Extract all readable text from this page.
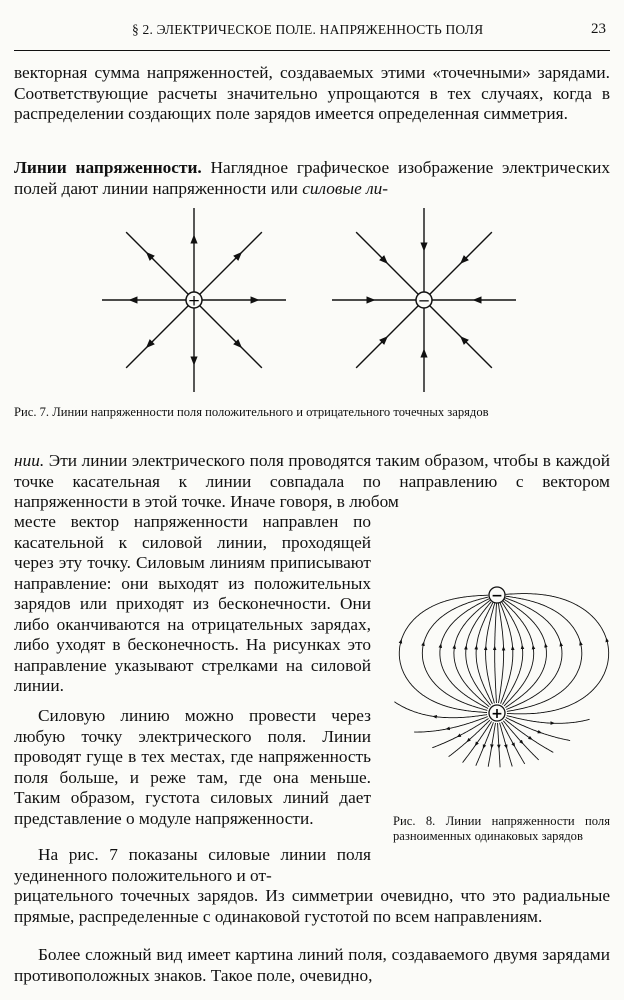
§ 2. ЭЛЕКТРИЧЕСКОЕ ПОЛЕ. НАПРЯЖЕННОСТЬ ПОЛЯ	23

векторная сумма напряженностей, создаваемых этими «точечными» зарядами. Соответствующие расчеты значительно упрощаются в тех случаях, когда в распределении создающих поле зарядов имеется определенная симметрия.

Линии напряженности. Наглядное графическое изображение электрических полей дают линии напряженности или силовые ли-

+	−
Рис. 7. Линии напряженности поля положительного и отрицательного точечных зарядов

нии. Эти линии электрического поля проводятся таким образом, чтобы в каждой точке касательная к линии совпадала по направлению с вектором напряженности в этой точке. Иначе говоря, в любом

месте вектор напряженности направлен по касательной к силовой линии, проходящей через эту точку. Силовым линиям приписывают направление: они выходят из положительных зарядов или приходят из бесконечности. Они либо оканчиваются на отрицательных зарядах, либо уходят в бесконечность. На рисунках это направление указывают стрелками на силовой линии.

Силовую линию можно провести через любую точку электрического поля. Линии проводят гуще в тех местах, где напряженность поля больше, и реже там, где она меньше. Таким образом, густота силовых линий дает представление о модуле напряженности.

−
+
Рис. 8. Линии напряженности поля разноименных одинаковых зарядов

На рис. 7 показаны силовые линии поля уединенного положительного и от-

рицательного точечных зарядов. Из симметрии очевидно, что это радиальные прямые, распределенные с одинаковой густотой по всем направлениям.

Более сложный вид имеет картина линий поля, создаваемого двумя зарядами противоположных знаков. Такое поле, очевидно,
